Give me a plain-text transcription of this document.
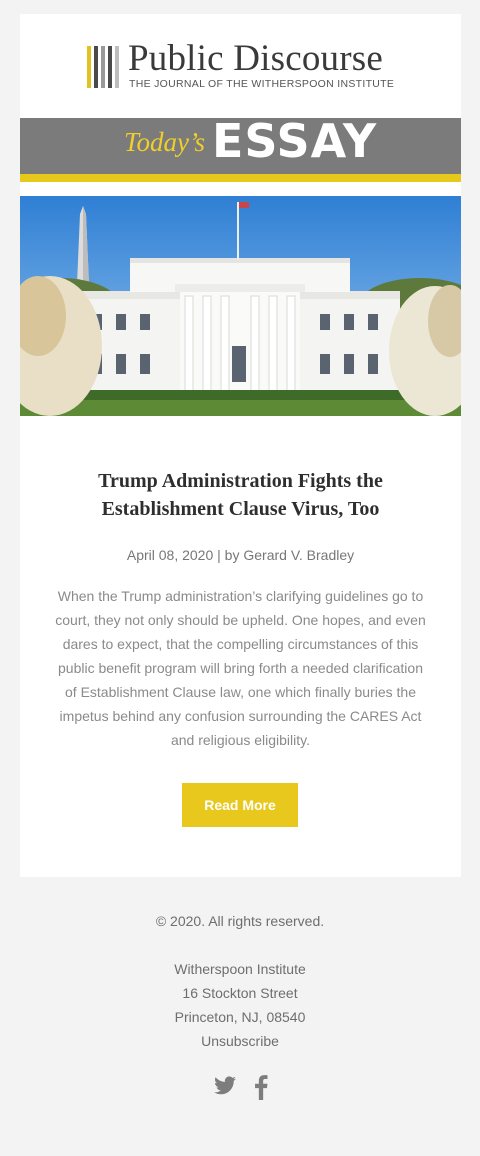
Public Discourse
THE JOURNAL OF THE WITHERSPOON INSTITUTE
Today’s ESSAY
Trump Administration Fights the Establishment Clause Virus, Too
April 08, 2020 | by Gerard V. Bradley

When the Trump administration’s clarifying guidelines go to court, they not only should be upheld. One hopes, and even dares to expect, that the compelling circumstances of this public benefit program will bring forth a needed clarification of Establishment Clause law, one which finally buries the impetus behind any confusion surrounding the CARES Act and religious eligibility.

Read More
© 2020. All rights reserved.
Witherspoon Institute
16 Stockton Street
Princeton, NJ, 08540
Unsubscribe
